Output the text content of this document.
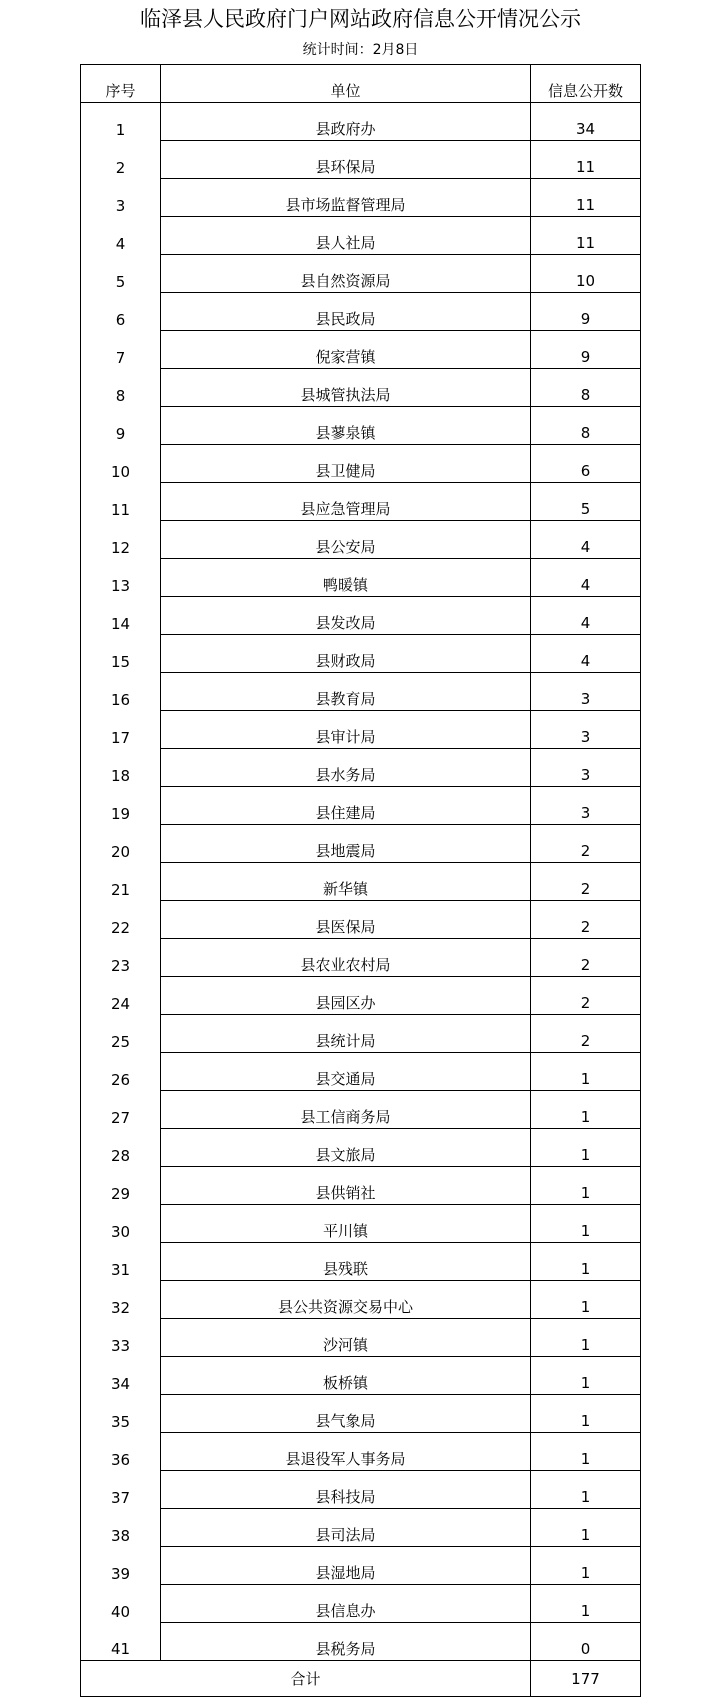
临泽县人民政府门户网站政府信息公开情况公示
统计时间：2月8日
序号	单位	信息公开数
1	县政府办	34
2	县环保局	11
3	县市场监督管理局	11
4	县人社局	11
5	县自然资源局	10
6	县民政局	9
7	倪家营镇	9
8	县城管执法局	8
9	县蓼泉镇	8
10	县卫健局	6
11	县应急管理局	5
12	县公安局	4
13	鸭暖镇	4
14	县发改局	4
15	县财政局	4
16	县教育局	3
17	县审计局	3
18	县水务局	3
19	县住建局	3
20	县地震局	2
21	新华镇	2
22	县医保局	2
23	县农业农村局	2
24	县园区办	2
25	县统计局	2
26	县交通局	1
27	县工信商务局	1
28	县文旅局	1
29	县供销社	1
30	平川镇	1
31	县残联	1
32	县公共资源交易中心	1
33	沙河镇	1
34	板桥镇	1
35	县气象局	1
36	县退役军人事务局	1
37	县科技局	1
38	县司法局	1
39	县湿地局	1
40	县信息办	1
41	县税务局	0
合计		177
